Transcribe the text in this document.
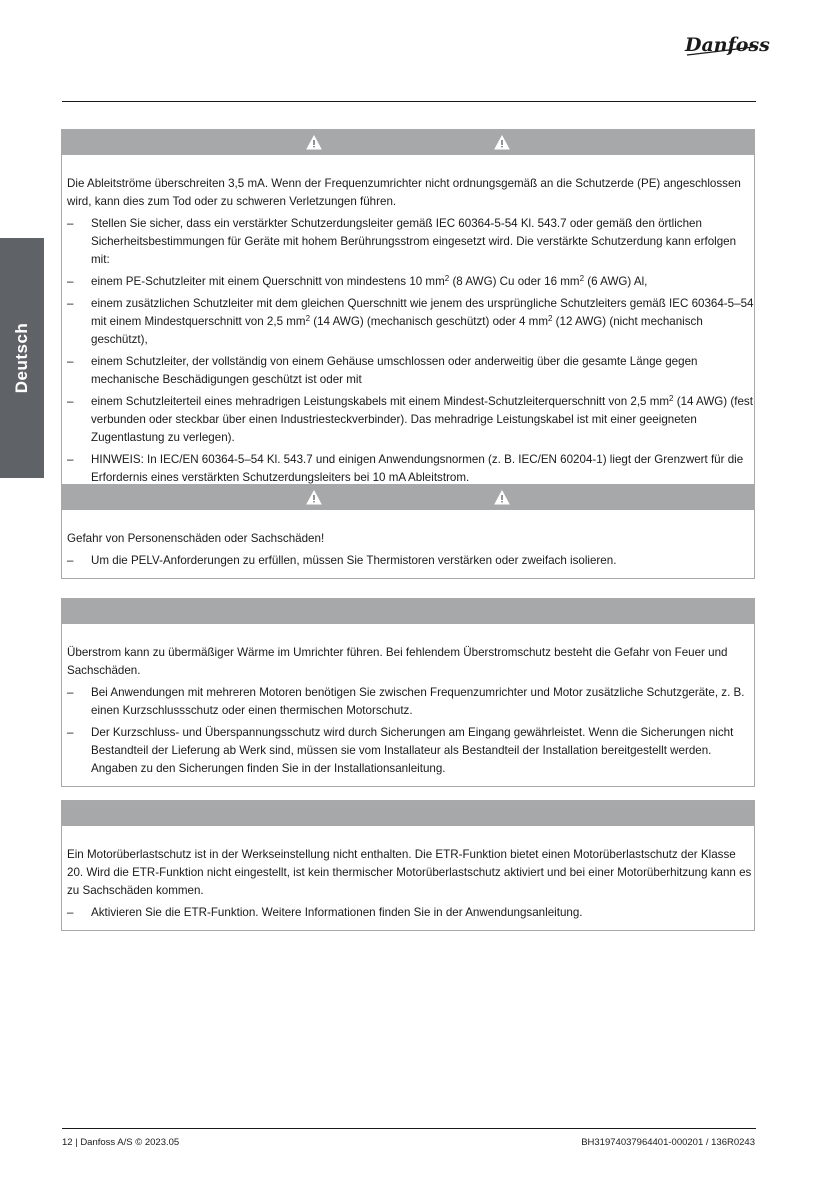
Danfoss
Deutsch

Die Ableitströme überschreiten 3,5 mA. Wenn der Frequenzumrichter nicht ordnungsgemäß an die Schutzerde (PE) angeschlossen wird, kann dies zum Tod oder zu schweren Verletzungen führen.

– Stellen Sie sicher, dass ein verstärkter Schutzerdungsleiter gemäß IEC 60364-5-54 Kl. 543.7 oder gemäß den örtlichen Sicherheitsbestimmungen für Geräte mit hohem Berührungsstrom eingesetzt wird. Die verstärkte Schutzerdung kann erfolgen mit:
– einem PE-Schutzleiter mit einem Querschnitt von mindestens 10 $mm^2$ (8 AWG) Cu oder 16 $mm^2$ (6 AWG) Al,
– einem zusätzlichen Schutzleiter mit dem gleichen Querschnitt wie jenem des ursprüngliche Schutzleiters gemäß IEC 60364-5–54 mit einem Mindestquerschnitt von 2,5 $mm^2$ (14 AWG) (mechanisch geschützt) oder 4 $mm^2$ (12 AWG) (nicht mechanisch geschützt),
– einem Schutzleiter, der vollständig von einem Gehäuse umschlossen oder anderweitig über die gesamte Länge gegen mechanische Beschädigungen geschützt ist oder mit
– einem Schutzleiterteil eines mehradrigen Leistungskabels mit einem Mindest-Schutzleiterquerschnitt von 2,5 $mm^2$ (14 AWG) (fest verbunden oder steckbar über einen Industriesteckverbinder). Das mehradrige Leistungskabel ist mit einer geeigneten Zugentlastung zu verlegen).
– HINWEIS: In IEC/EN 60364-5–54 Kl. 543.7 und einigen Anwendungsnormen (z. B. IEC/EN 60204-1) liegt der Grenzwert für die Erfordernis eines verstärkten Schutzerdungsleiters bei 10 mA Ableitstrom.

Gefahr von Personenschäden oder Sachschäden!

– Um die PELV-Anforderungen zu erfüllen, müssen Sie Thermistoren verstärken oder zweifach isolieren.

Überstrom kann zu übermäßiger Wärme im Umrichter führen. Bei fehlendem Überstromschutz besteht die Gefahr von Feuer und Sachschäden.

– Bei Anwendungen mit mehreren Motoren benötigen Sie zwischen Frequenzumrichter und Motor zusätzliche Schutzgeräte, z. B. einen Kurzschlussschutz oder einen thermischen Motorschutz.
– Der Kurzschluss- und Überspannungsschutz wird durch Sicherungen am Eingang gewährleistet. Wenn die Sicherungen nicht Bestandteil der Lieferung ab Werk sind, müssen sie vom Installateur als Bestandteil der Installation bereitgestellt werden. Angaben zu den Sicherungen finden Sie in der Installationsanleitung.

Ein Motorüberlastschutz ist in der Werkseinstellung nicht enthalten. Die ETR-Funktion bietet einen Motorüberlastschutz der Klasse 20. Wird die ETR-Funktion nicht eingestellt, ist kein thermischer Motorüberlastschutz aktiviert und bei einer Motorüberhitzung kann es zu Sachschäden kommen.

– Aktivieren Sie die ETR-Funktion. Weitere Informationen finden Sie in der Anwendungsanleitung.
12 | Danfoss A/S © 2023.05	BH31974037964401-000201 / 136R0243
